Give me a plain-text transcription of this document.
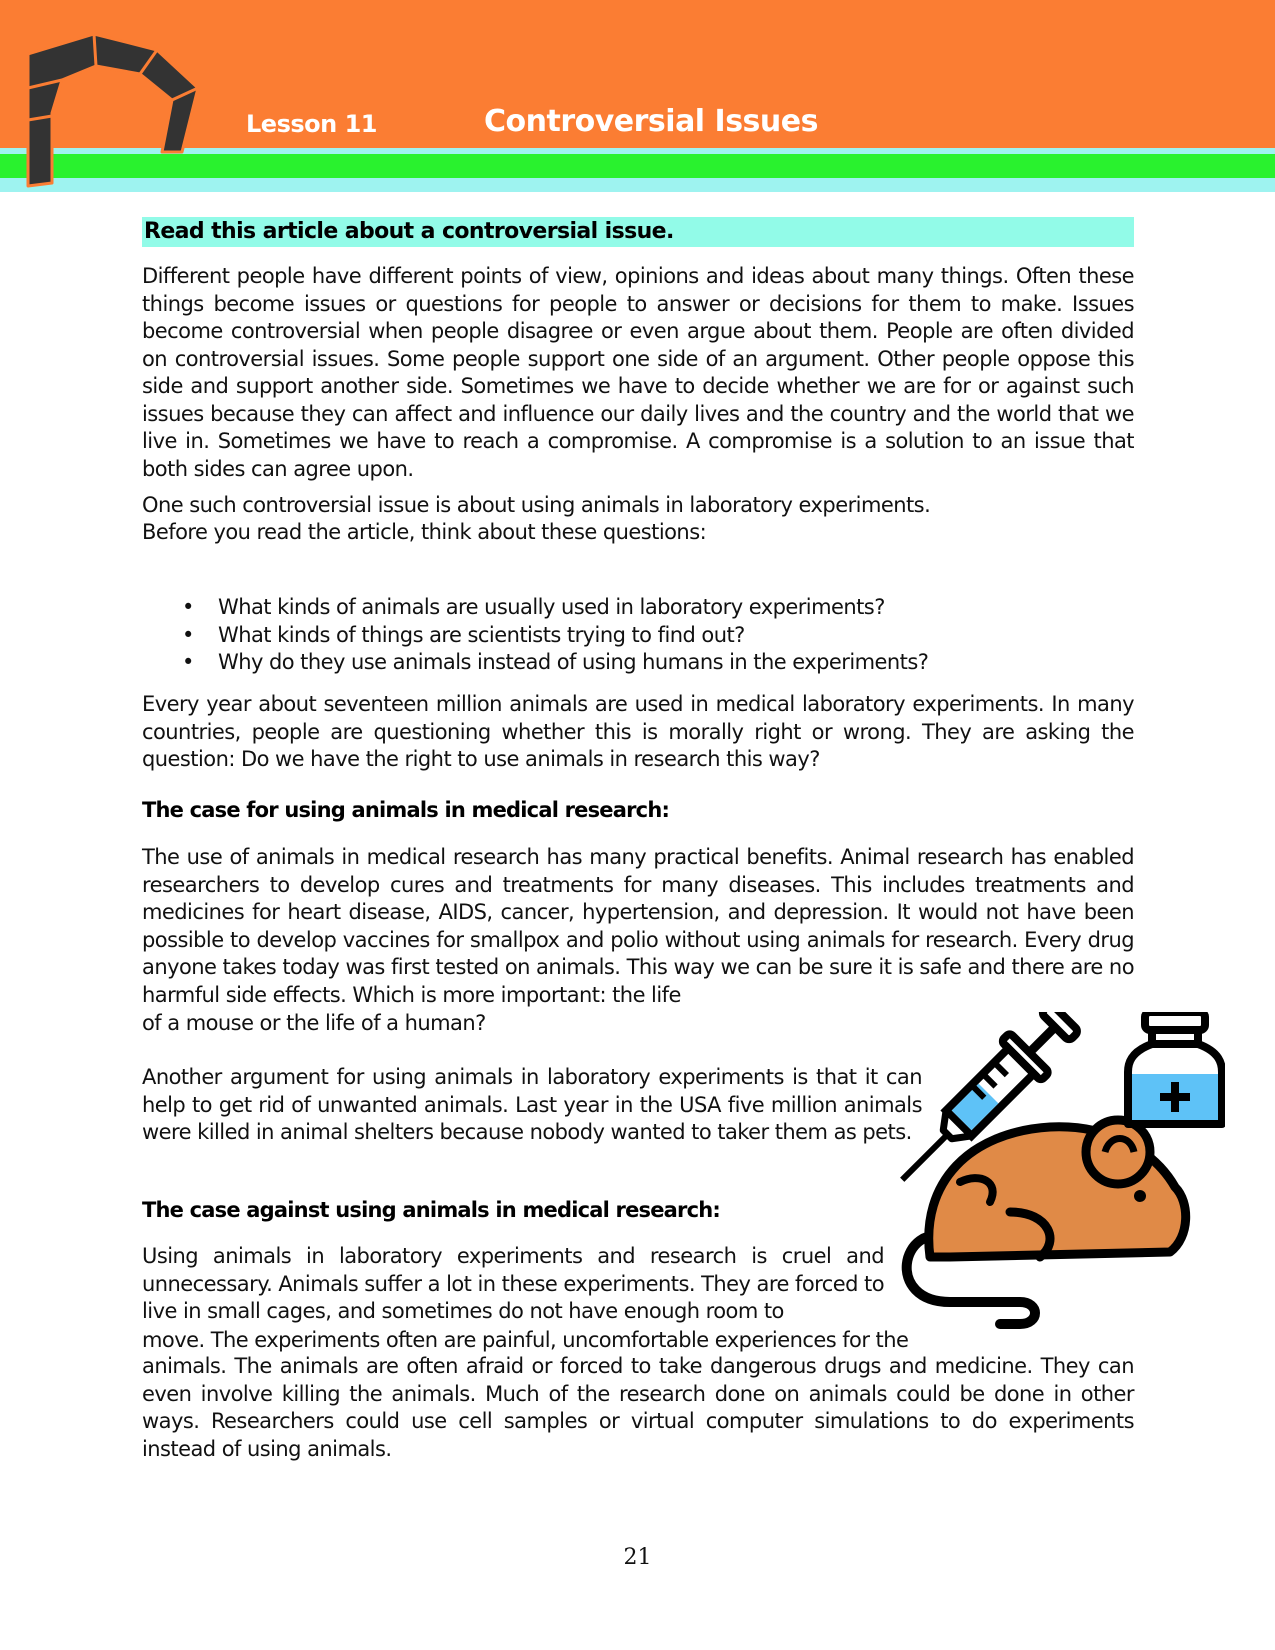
Lesson 11	Controversial Issues
Read this article about a controversial issue.

Different people have different points of view, opinions and ideas about many things. Often these things become issues or questions for people to answer or decisions for them to make. Issues become controversial when people disagree or even argue about them. People are often divided on controversial issues. Some people support one side of an argument. Other people oppose this side and support another side. Sometimes we have to decide whether we are for or against such issues because they can affect and influence our daily lives and the country and the world that we live in. Sometimes we have to reach a compromise. A compromise is a solution to an issue that both sides can agree upon.

One such controversial issue is about using animals in laboratory experiments.

Before you read the article, think about these questions:

• What kinds of animals are usually used in laboratory experiments?
• What kinds of things are scientists trying to find out?
• Why do they use animals instead of using humans in the experiments?

Every year about seventeen million animals are used in medical laboratory experiments. In many countries, people are questioning whether this is morally right or wrong. They are asking the question: Do we have the right to use animals in research this way?

The case for using animals in medical research:

The use of animals in medical research has many practical benefits. Animal research has enabled researchers to develop cures and treatments for many diseases. This includes treatments and medicines for heart disease, AIDS, cancer, hypertension, and depression. It would not have been possible to develop vaccines for smallpox and polio without using animals for research. Every drug anyone takes today was first tested on animals. This way we can be sure it is safe and there are no harmful side effects. Which is more important: the life

of a mouse or the life of a human?

Another argument for using animals in laboratory experiments is that it can help to get rid of unwanted animals. Last year in the USA five million animals were killed in animal shelters because nobody wanted to taker them as pets.

The case against using animals in medical research:

Using animals in laboratory experiments and research is cruel and unnecessary. Animals suffer a lot in these experiments. They are forced to live in small cages, and sometimes do not have enough room to

move. The experiments often are painful, uncomfortable experiences for the

animals. The animals are often afraid or forced to take dangerous drugs and medicine. They can even involve killing the animals. Much of the research done on animals could be done in other ways. Researchers could use cell samples or virtual computer simulations to do experiments instead of using animals.

21
